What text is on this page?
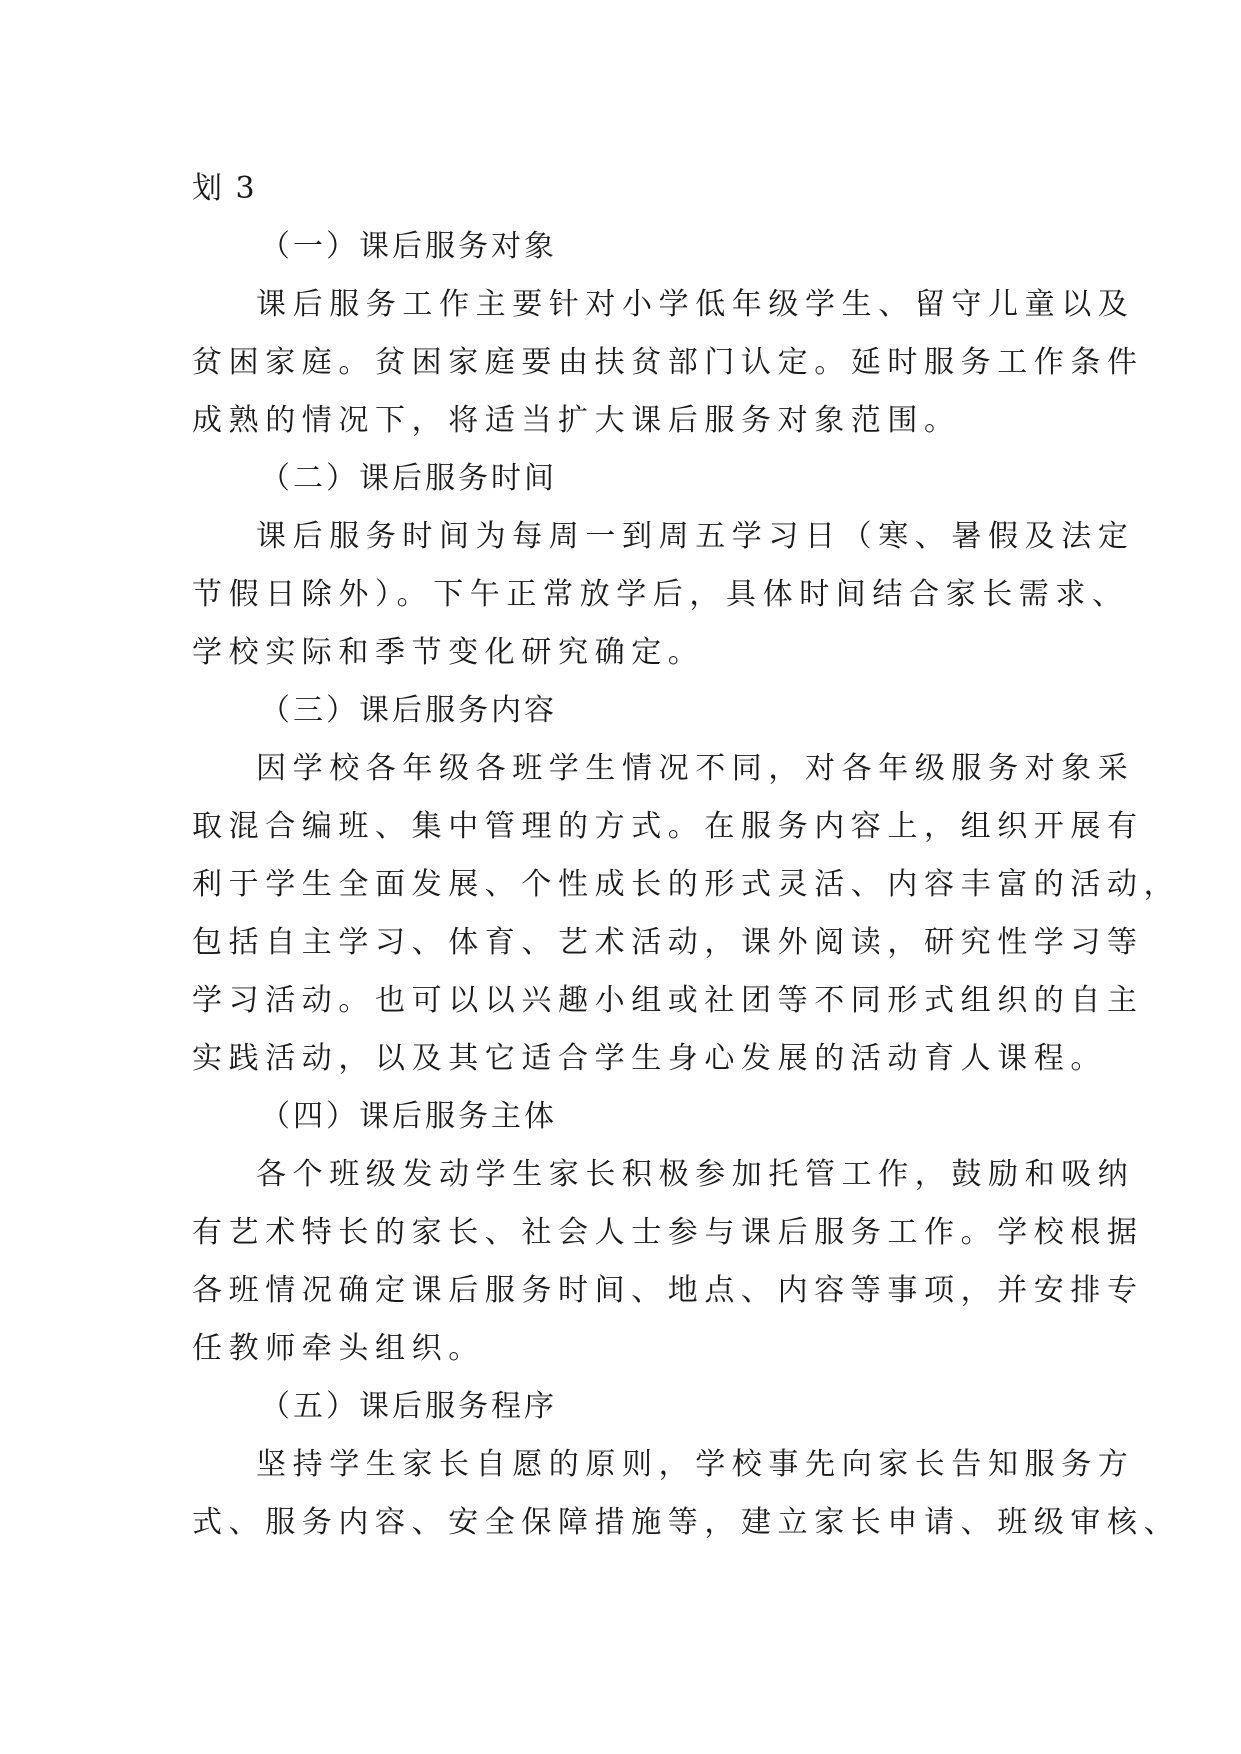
划 3
（一）课后服务对象
课后服务工作主要针对小学低年级学生、留守儿童以及
贫困家庭。贫困家庭要由扶贫部门认定。延时服务工作条件
成熟的情况下，将适当扩大课后服务对象范围。
（二）课后服务时间
课后服务时间为每周一到周五学习日（寒、暑假及法定
节假日除外）。下午正常放学后，具体时间结合家长需求、
学校实际和季节变化研究确定。
（三）课后服务内容
因学校各年级各班学生情况不同，对各年级服务对象采
取混合编班、集中管理的方式。在服务内容上，组织开展有
利于学生全面发展、个性成长的形式灵活、内容丰富的活动，
包括自主学习、体育、艺术活动，课外阅读，研究性学习等
学习活动。也可以以兴趣小组或社团等不同形式组织的自主
实践活动，以及其它适合学生身心发展的活动育人课程。
（四）课后服务主体
各个班级发动学生家长积极参加托管工作，鼓励和吸纳
有艺术特长的家长、社会人士参与课后服务工作。学校根据
各班情况确定课后服务时间、地点、内容等事项，并安排专
任教师牵头组织。
（五）课后服务程序
坚持学生家长自愿的原则，学校事先向家长告知服务方
式、服务内容、安全保障措施等，建立家长申请、班级审核、
